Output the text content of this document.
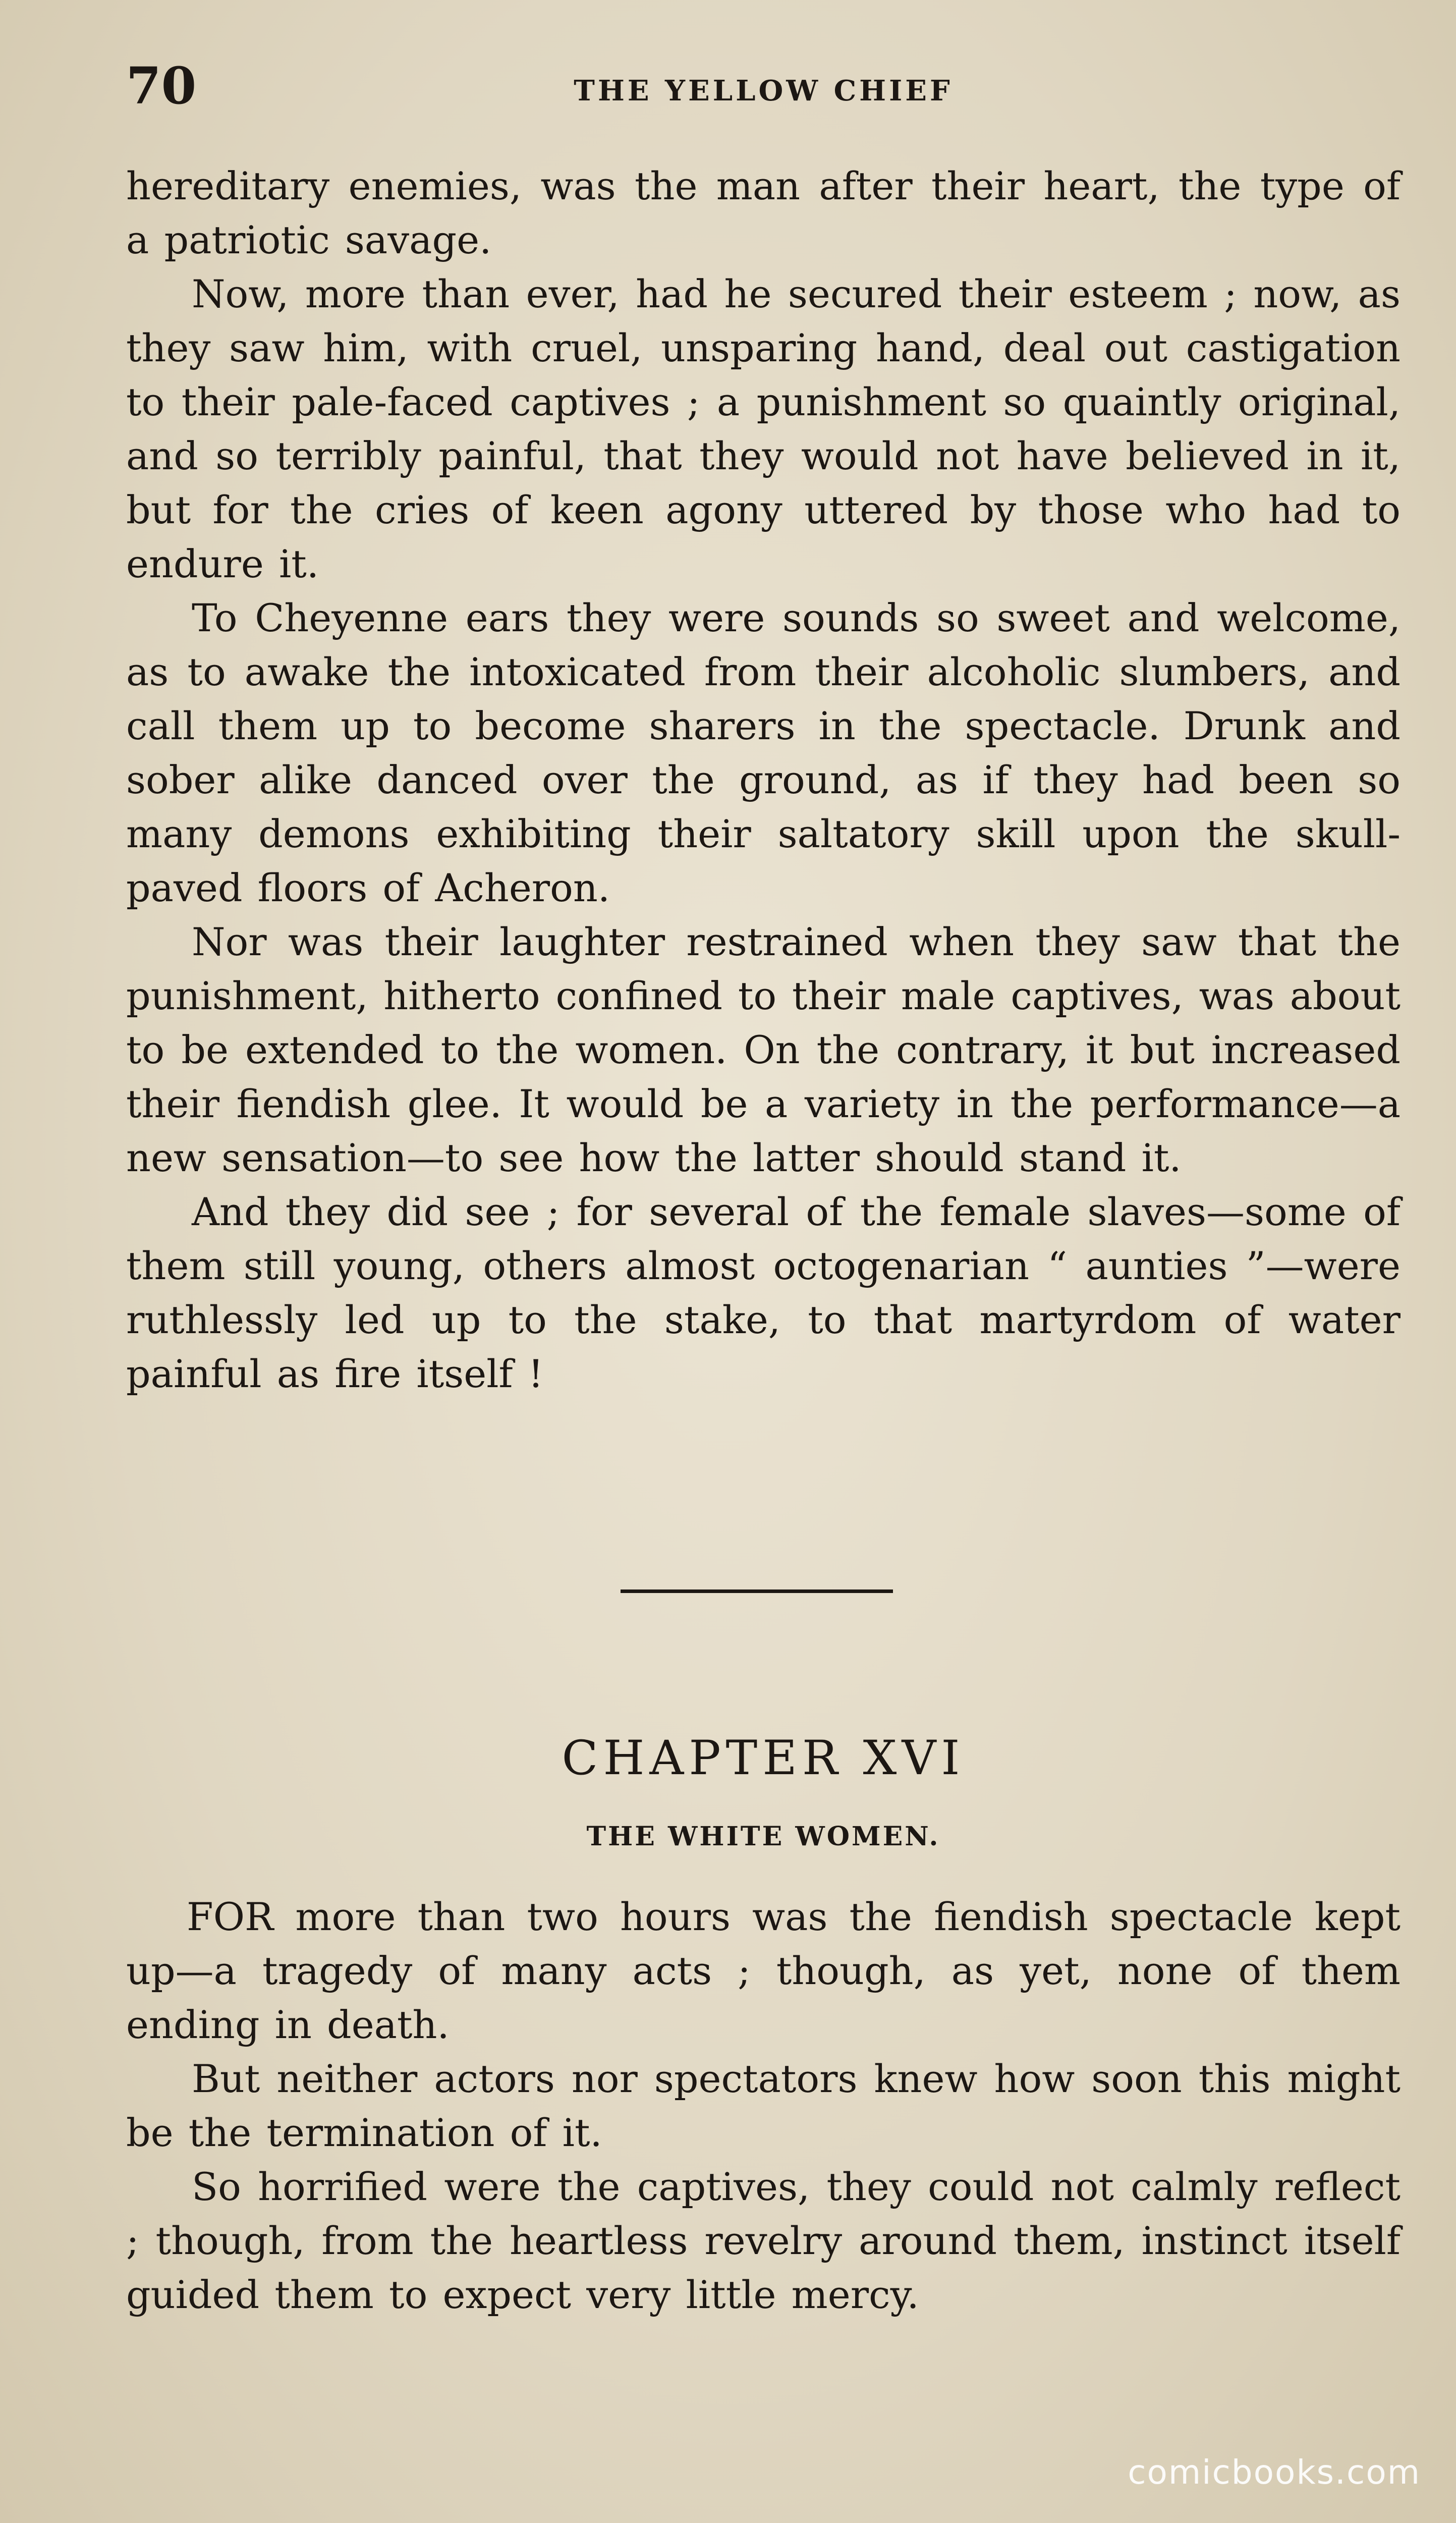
70	THE YELLOW CHIEF

hereditary enemies, was the man after their heart, the type of a patriotic savage.

Now, more than ever, had he secured their esteem ; now, as they saw him, with cruel, unsparing hand, deal out castigation to their pale-faced captives ; a punishment so quaintly original, and so terribly painful, that they would not have believed in it, but for the cries of keen agony uttered by those who had to endure it.

To Cheyenne ears they were sounds so sweet and welcome, as to awake the intoxicated from their alcoholic slumbers, and call them up to become sharers in the spectacle. Drunk and sober alike danced over the ground, as if they had been so many demons exhibiting their saltatory skill upon the skull-paved floors of Acheron.

Nor was their laughter restrained when they saw that the punishment, hitherto confined to their male captives, was about to be extended to the women. On the contrary, it but increased their fiendish glee. It would be a variety in the performance—a new sensation—to see how the latter should stand it.

And they did see ; for several of the female slaves—some of them still young, others almost octogenarian “ aunties ”—were ruthlessly led up to the stake, to that martyrdom of water painful as fire itself !

CHAPTER XVI
THE WHITE WOMEN.

FOR more than two hours was the fiendish spectacle kept up—a tragedy of many acts ; though, as yet, none of them ending in death.

But neither actors nor spectators knew how soon this might be the termination of it.

So horrified were the captives, they could not calmly reflect ; though, from the heartless revelry around them, instinct itself guided them to expect very little mercy.

comicbooks.com
